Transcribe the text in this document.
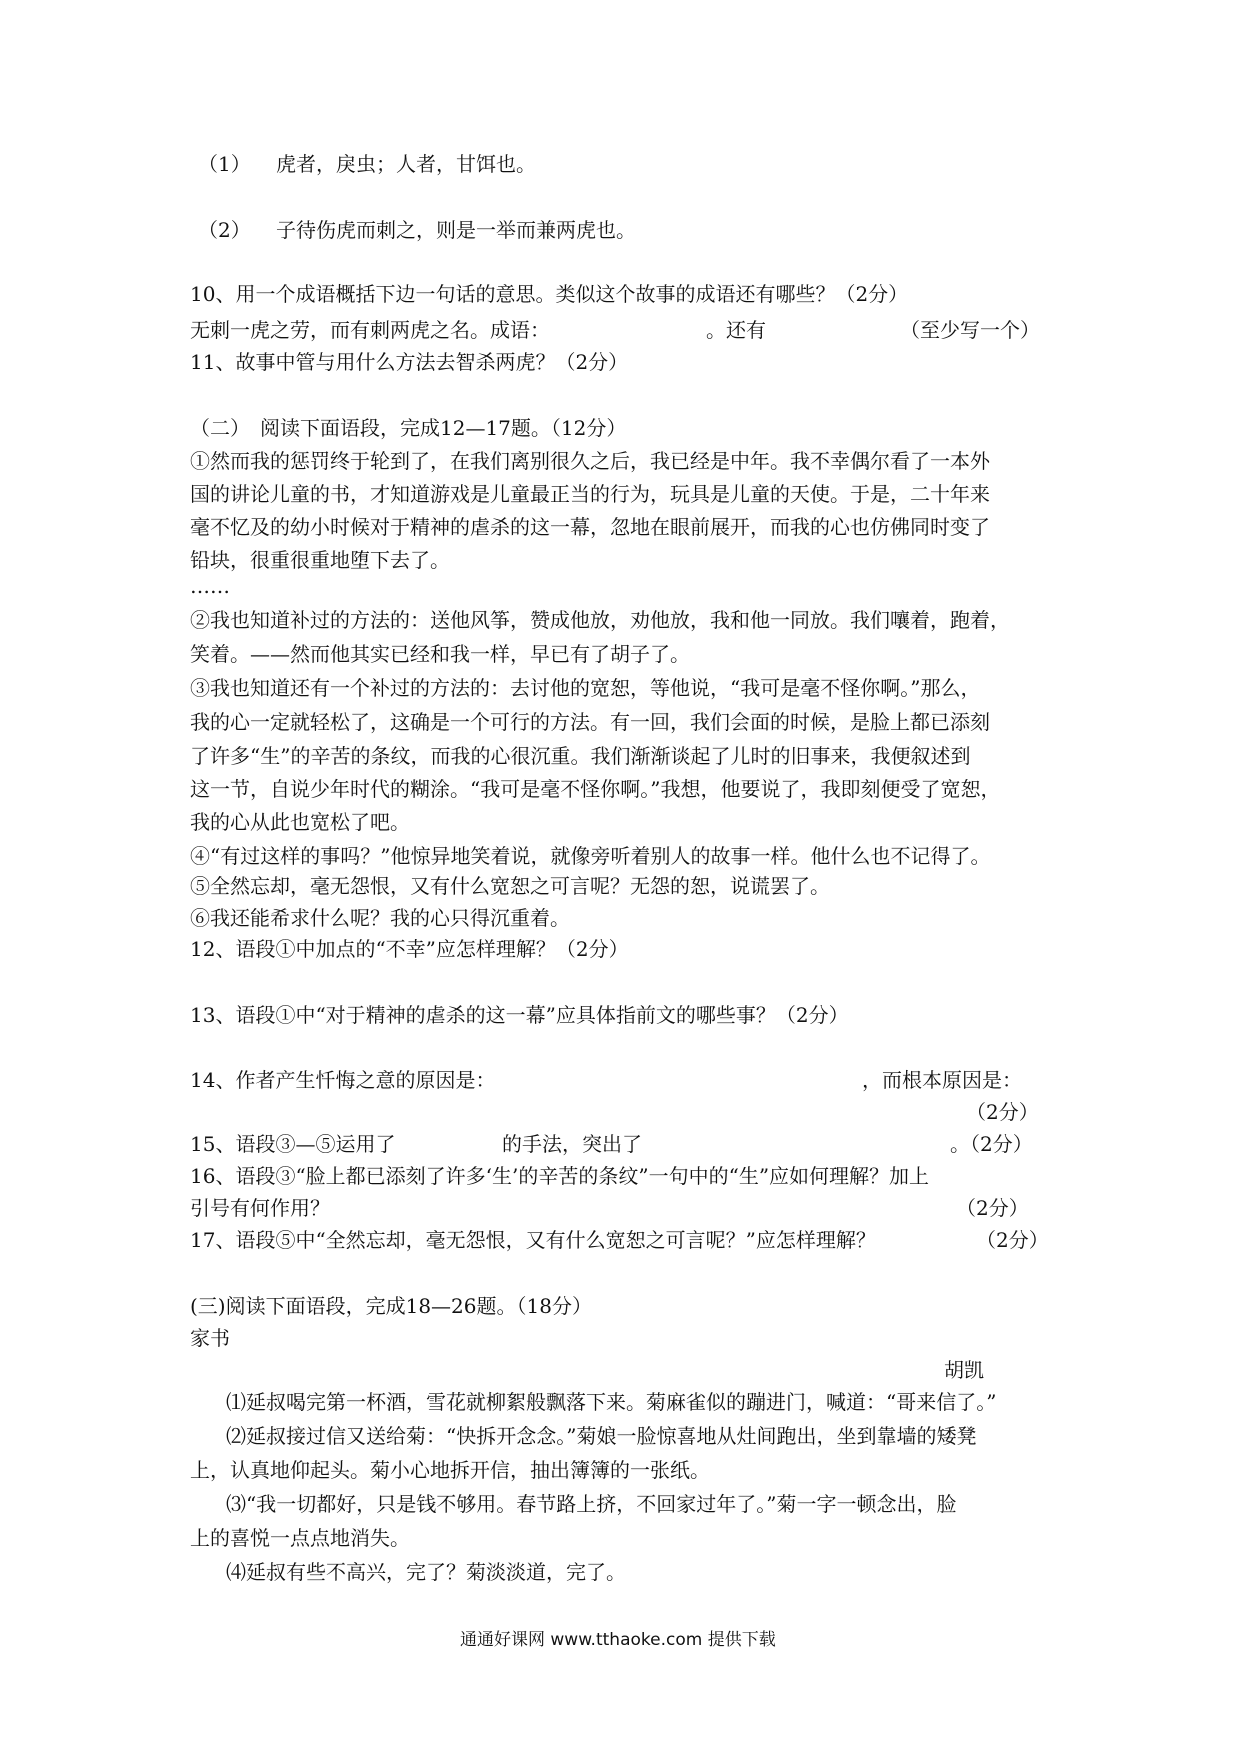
（1） 虎者，戾虫；人者，甘饵也。
（2） 子待伤虎而刺之，则是一举而兼两虎也。
10、用一个成语概括下边一句话的意思。类似这个故事的成语还有哪些？（2分）
无刺一虎之劳，而有刺两虎之名。成语：	。还有	（至少写一个）
11、故事中管与用什么方法去智杀两虎？（2分）
（二）　阅读下面语段，完成12—17题。（12分）
①然而我的惩罚终于轮到了，在我们离别很久之后，我已经是中年。我不幸偶尔看了一本外
国的讲论儿童的书，才知道游戏是儿童最正当的行为，玩具是儿童的天使。于是，二十年来
毫不忆及的幼小时候对于精神的虐杀的这一幕，忽地在眼前展开，而我的心也仿佛同时变了
铅块，很重很重地堕下去了。
……
②我也知道补过的方法的：送他风筝，赞成他放，劝他放，我和他一同放。我们嚷着，跑着，
笑着。——然而他其实已经和我一样，早已有了胡子了。
③我也知道还有一个补过的方法的：去讨他的宽恕，等他说，“我可是毫不怪你啊。”那么，
我的心一定就轻松了，这确是一个可行的方法。有一回，我们会面的时候，是脸上都已添刻
了许多“生”的辛苦的条纹，而我的心很沉重。我们渐渐谈起了儿时的旧事来，我便叙述到
这一节，自说少年时代的糊涂。“我可是毫不怪你啊。”我想，他要说了，我即刻便受了宽恕，
我的心从此也宽松了吧。
④“有过这样的事吗？”他惊异地笑着说，就像旁听着别人的故事一样。他什么也不记得了。
⑤全然忘却，毫无怨恨，又有什么宽恕之可言呢？无怨的恕，说谎罢了。
⑥我还能希求什么呢？我的心只得沉重着。
12、语段①中加点的“不幸”应怎样理解？（2分）
13、语段①中“对于精神的虐杀的这一幕”应具体指前文的哪些事？（2分）
14、作者产生忏悔之意的原因是：	，而根本原因是：
（2分）
15、语段③—⑤运用了	的手法，突出了	。（2分）
16、语段③“脸上都已添刻了许多‘生’的辛苦的条纹”一句中的“生”应如何理解？加上
引号有何作用？	（2分）
17、语段⑤中“全然忘却，毫无怨恨，又有什么宽恕之可言呢？”应怎样理解？	（2分）
(三)阅读下面语段，完成18—26题。（18分）
家书
胡凯
⑴延叔喝完第一杯酒，雪花就柳絮般飘落下来。菊麻雀似的蹦进门，喊道：“哥来信了。”
⑵延叔接过信又送给菊：“快拆开念念。”菊娘一脸惊喜地从灶间跑出，坐到靠墙的矮凳
上，认真地仰起头。菊小心地拆开信，抽出簿簿的一张纸。
⑶“我一切都好，只是钱不够用。春节路上挤，不回家过年了。”菊一字一顿念出，脸
上的喜悦一点点地消失。
⑷延叔有些不高兴，完了？菊淡淡道，完了。
通通好课网 www.tthaoke.com 提供下载
